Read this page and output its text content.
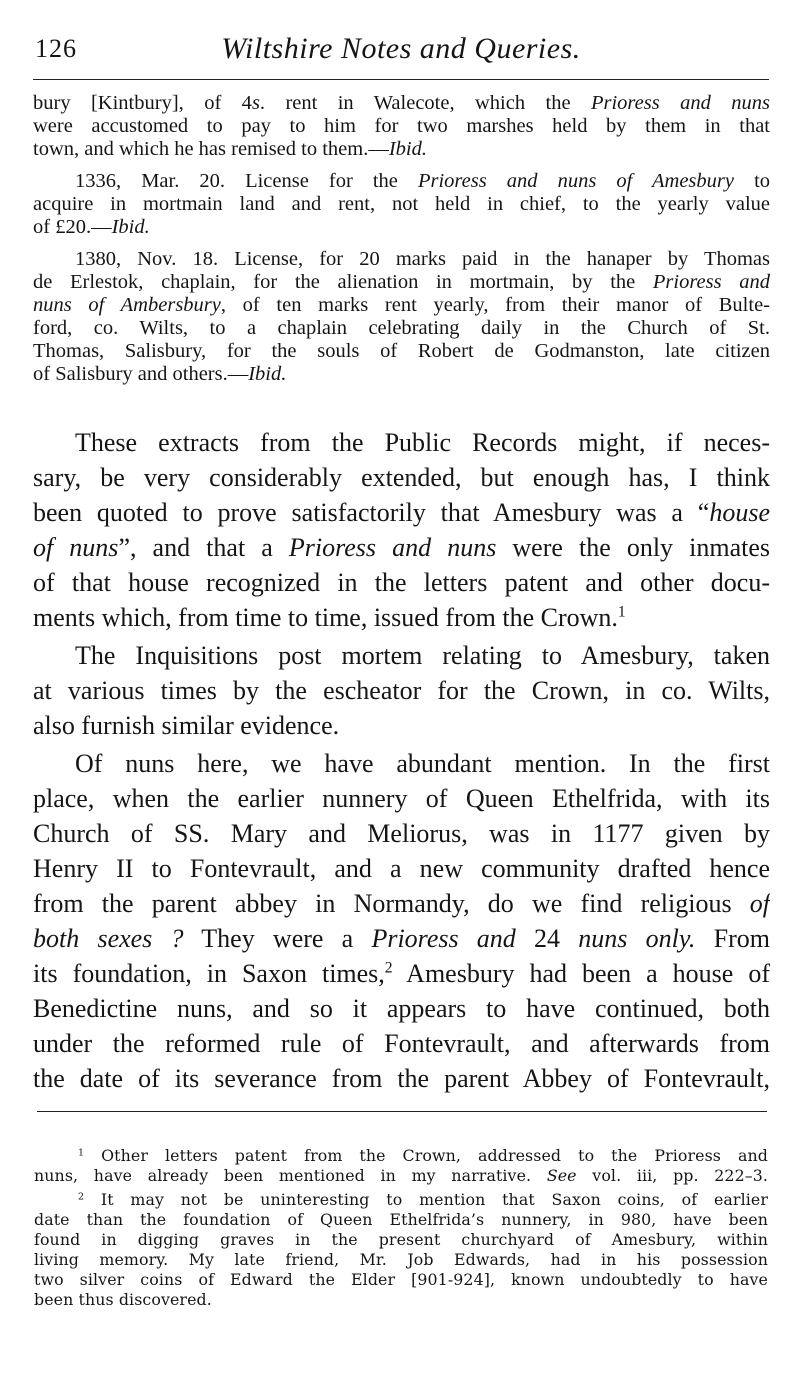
126	Wiltshire Notes and Queries.
bury [Kintbury], of 4s. rent in Walecote, which the Prioress and nuns
were accustomed to pay to him for two marshes held by them in that
town, and which he has remised to them.—Ibid.
1336, Mar. 20. License for the Prioress and nuns of Amesbury to
acquire in mortmain land and rent, not held in chief, to the yearly value
of £20.—Ibid.
1380, Nov. 18. License, for 20 marks paid in the hanaper by Thomas
de Erlestok, chaplain, for the alienation in mortmain, by the Prioress and
nuns of Ambersbury, of ten marks rent yearly, from their manor of Bulte-
ford, co. Wilts, to a chaplain celebrating daily in the Church of St.
Thomas, Salisbury, for the souls of Robert de Godmanston, late citizen
of Salisbury and others.—Ibid.
These extracts from the Public Records might, if neces-
sary, be very considerably extended, but enough has, I think
been quoted to prove satisfactorily that Amesbury was a “house
of nuns”, and that a Prioress and nuns were the only inmates
of that house recognized in the letters patent and other docu-
ments which, from time to time, issued from the Crown.$^1$
The Inquisitions post mortem relating to Amesbury, taken
at various times by the escheator for the Crown, in co. Wilts,
also furnish similar evidence.
Of nuns here, we have abundant mention. In the first
place, when the earlier nunnery of Queen Ethelfrida, with its
Church of SS. Mary and Meliorus, was in 1177 given by
Henry II to Fontevrault, and a new community drafted hence
from the parent abbey in Normandy, do we find religious of
both sexes ? They were a Prioress and 24 nuns only. From
its foundation, in Saxon times,$^2$ Amesbury had been a house of
Benedictine nuns, and so it appears to have continued, both
under the reformed rule of Fontevrault, and afterwards from
the date of its severance from the parent Abbey of Fontevrault,
$^1$ Other letters patent from the Crown, addressed to the Prioress and
nuns, have already been mentioned in my narrative. See vol. iii, pp. 222–3.
$^2$ It may not be uninteresting to mention that Saxon coins, of earlier
date than the foundation of Queen Ethelfrida’s nunnery, in 980, have been
found in digging graves in the present churchyard of Amesbury, within
living memory. My late friend, Mr. Job Edwards, had in his possession
two silver coins of Edward the Elder [901-924], known undoubtedly to have
been thus discovered.
